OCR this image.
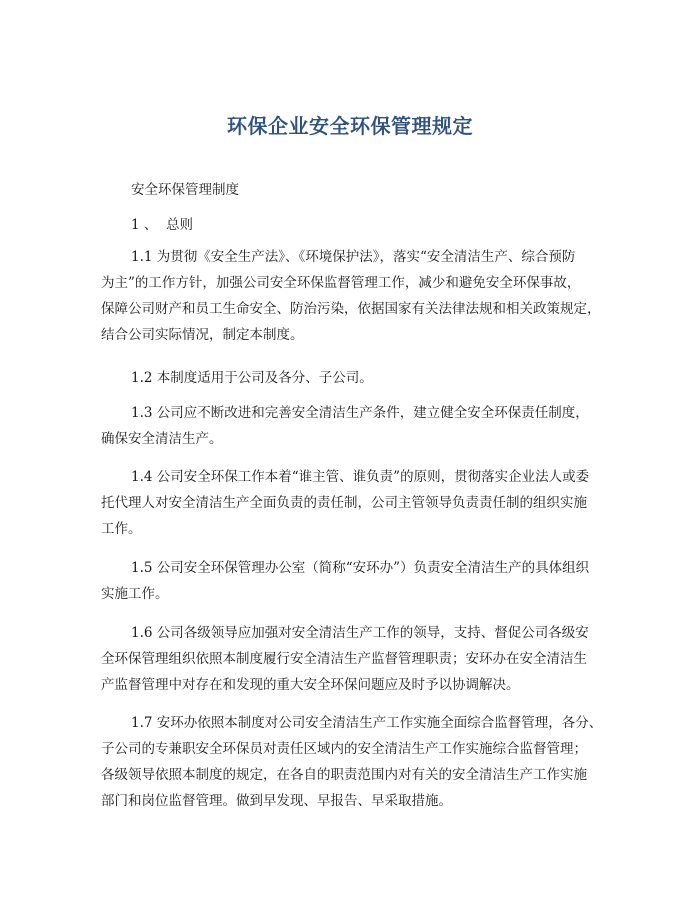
环保企业安全环保管理规定

安全环保管理制度

1 、  总则

1.1 为贯彻《安全生产法》、《环境保护法》，落实“安全清洁生产、综合预防
为主”的工作方针，加强公司安全环保监督管理工作，减少和避免安全环保事故，
保障公司财产和员工生命安全、防治污染，依据国家有关法律法规和相关政策规定，
结合公司实际情况，制定本制度。
1.2 本制度适用于公司及各分、子公司。
1.3 公司应不断改进和完善安全清洁生产条件，建立健全安全环保责任制度，
确保安全清洁生产。
1.4 公司安全环保工作本着“谁主管、谁负责”的原则，贯彻落实企业法人或委
托代理人对安全清洁生产全面负责的责任制，公司主管领导负责责任制的组织实施
工作。
1.5 公司安全环保管理办公室（简称“安环办”）负责安全清洁生产的具体组织
实施工作。
1.6 公司各级领导应加强对安全清洁生产工作的领导，支持、督促公司各级安
全环保管理组织依照本制度履行安全清洁生产监督管理职责；安环办在安全清洁生
产监督管理中对存在和发现的重大安全环保问题应及时予以协调解决。
1.7 安环办依照本制度对公司安全清洁生产工作实施全面综合监督管理，各分、
子公司的专兼职安全环保员对责任区域内的安全清洁生产工作实施综合监督管理；
各级领导依照本制度的规定，在各自的职责范围内对有关的安全清洁生产工作实施
部门和岗位监督管理。做到早发现、早报告、早采取措施。
